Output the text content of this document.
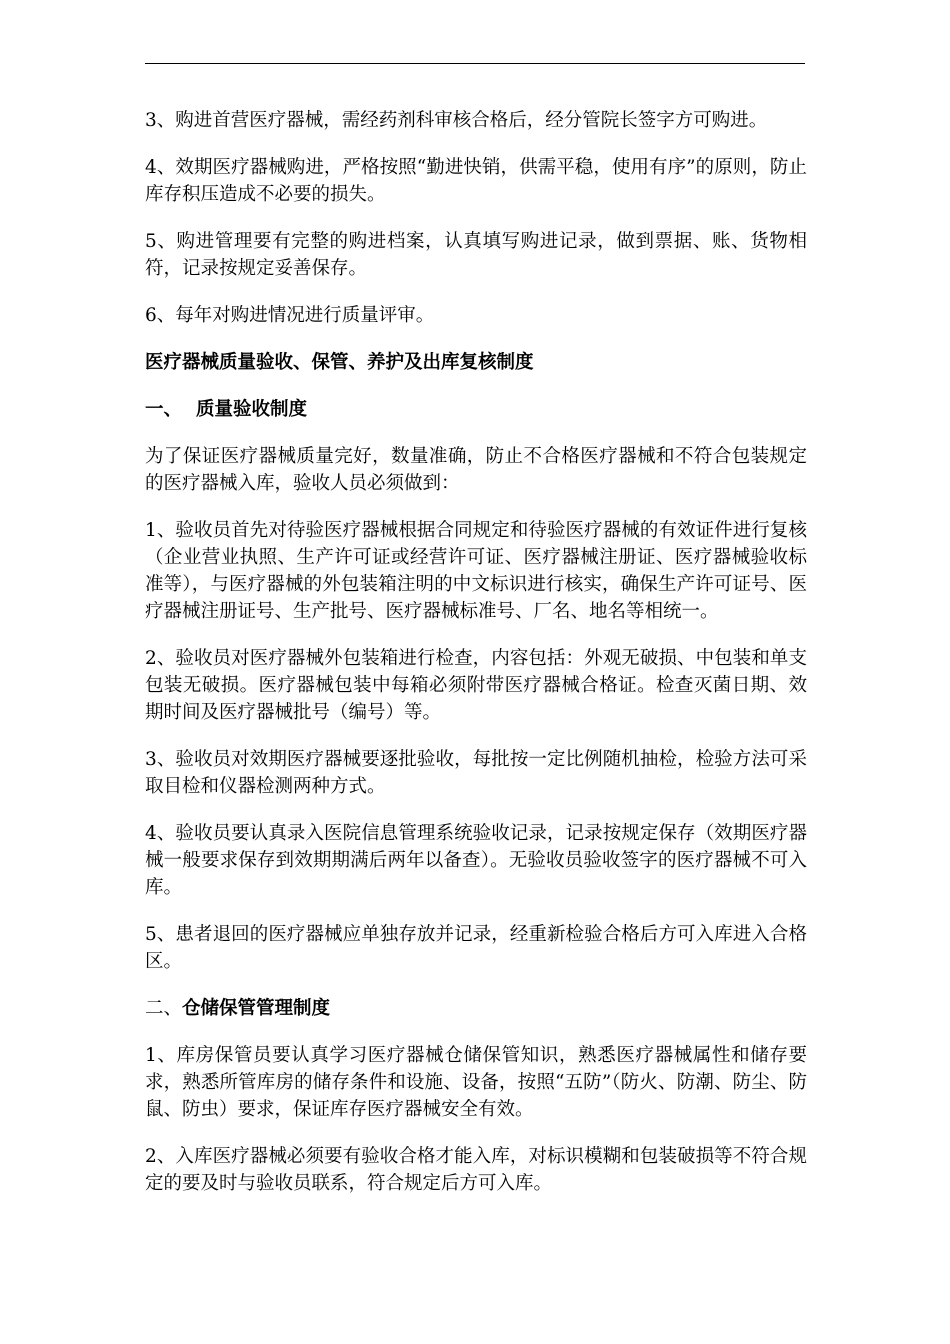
3、购进首营医疗器械，需经药剂科审核合格后，经分管院长签字方可购进。

4、效期医疗器械购进，严格按照“勤进快销，供需平稳，使用有序”的原则，防止库存积压造成不必要的损失。

5、购进管理要有完整的购进档案，认真填写购进记录，做到票据、账、货物相符，记录按规定妥善保存。

6、每年对购进情况进行质量评审。

医疗器械质量验收、保管、养护及出库复核制度

一、 质量验收制度

为了保证医疗器械质量完好，数量准确，防止不合格医疗器械和不符合包装规定的医疗器械入库，验收人员必须做到：

1、验收员首先对待验医疗器械根据合同规定和待验医疗器械的有效证件进行复核（企业营业执照、生产许可证或经营许可证、医疗器械注册证、医疗器械验收标准等），与医疗器械的外包装箱注明的中文标识进行核实，确保生产许可证号、医疗器械注册证号、生产批号、医疗器械标准号、厂名、地名等相统一。

2、验收员对医疗器械外包装箱进行检查，内容包括：外观无破损、中包装和单支包装无破损。医疗器械包装中每箱必须附带医疗器械合格证。检查灭菌日期、效期时间及医疗器械批号（编号）等。

3、验收员对效期医疗器械要逐批验收，每批按一定比例随机抽检，检验方法可采取目检和仪器检测两种方式。

4、验收员要认真录入医院信息管理系统验收记录，记录按规定保存（效期医疗器械一般要求保存到效期期满后两年以备查）。无验收员验收签字的医疗器械不可入库。

5、患者退回的医疗器械应单独存放并记录，经重新检验合格后方可入库进入合格区。

二、仓储保管管理制度

1、库房保管员要认真学习医疗器械仓储保管知识，熟悉医疗器械属性和储存要求，熟悉所管库房的储存条件和设施、设备，按照“五防”（防火、防潮、防尘、防鼠、防虫）要求，保证库存医疗器械安全有效。

2、入库医疗器械必须要有验收合格才能入库，对标识模糊和包装破损等不符合规定的要及时与验收员联系，符合规定后方可入库。
